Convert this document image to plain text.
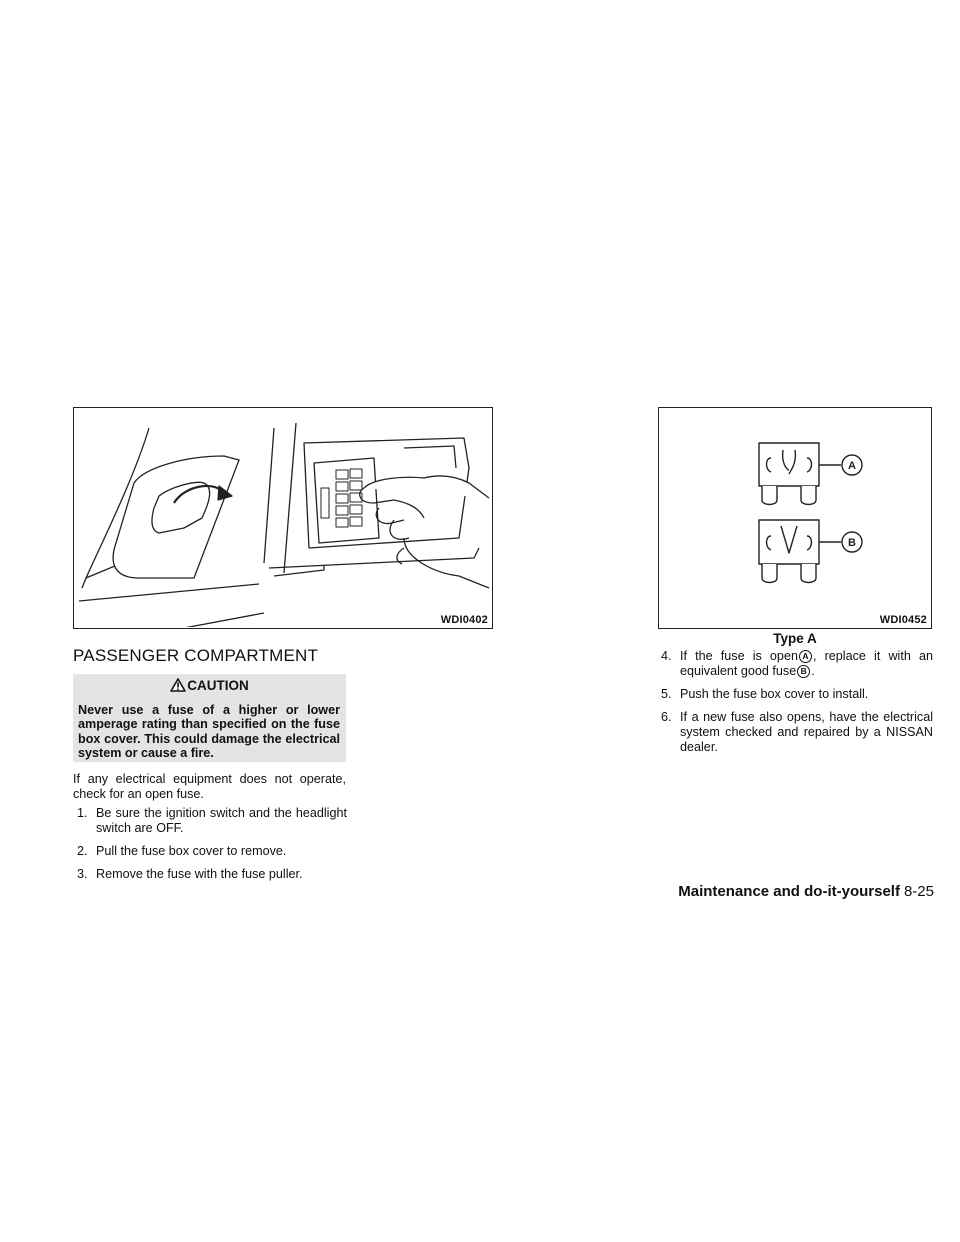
WDI0402
A
B
WDI0452
Type A
PASSENGER COMPARTMENT
CAUTION
Never use a fuse of a higher or lower amperage rating than specified on the fuse box cover. This could damage the electrical system or cause a fire.
If any electrical equipment does not operate, check for an open fuse.
1. Be sure the ignition switch and the headlight switch are OFF.
2. Pull the fuse box cover to remove.
3. Remove the fuse with the fuse puller.
4. If the fuse is open A , replace it with an equivalent good fuse B .
5. Push the fuse box cover to install.
6. If a new fuse also opens, have the electrical system checked and repaired by a NISSAN dealer.
Maintenance and do-it-yourself 8-25
